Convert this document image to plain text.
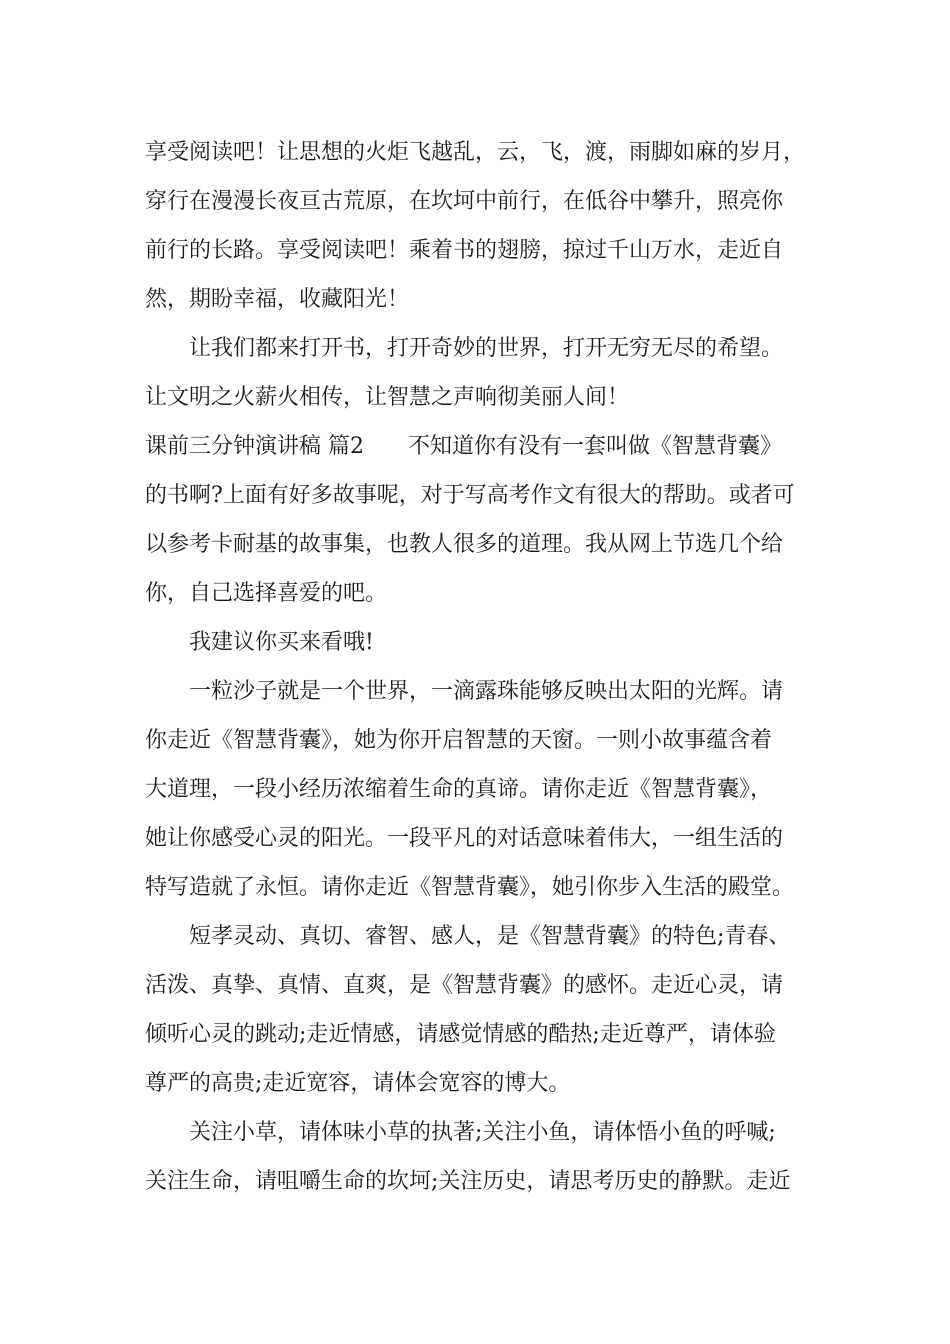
享受阅读吧！让思想的火炬飞越乱，云，飞，渡，雨脚如麻的岁月，
穿行在漫漫长夜亘古荒原，在坎坷中前行，在低谷中攀升，照亮你
前行的长路。享受阅读吧！乘着书的翅膀，掠过千山万水，走近自
然，期盼幸福，收藏阳光！
让我们都来打开书，打开奇妙的世界，打开无穷无尽的希望。
让文明之火薪火相传，让智慧之声响彻美丽人间！
课前三分钟演讲稿 篇2 不知道你有没有一套叫做《智慧背囊》
的书啊?上面有好多故事呢，对于写高考作文有很大的帮助。或者可
以参考卡耐基的故事集，也教人很多的道理。我从网上节选几个给
你，自己选择喜爱的吧。
我建议你买来看哦!
一粒沙子就是一个世界，一滴露珠能够反映出太阳的光辉。请
你走近《智慧背囊》，她为你开启智慧的天窗。一则小故事蕴含着
大道理，一段小经历浓缩着生命的真谛。请你走近《智慧背囊》，
她让你感受心灵的阳光。一段平凡的对话意味着伟大，一组生活的
特写造就了永恒。请你走近《智慧背囊》，她引你步入生活的殿堂。
短孝灵动、真切、睿智、感人，是《智慧背囊》的特色;青春、
活泼、真挚、真情、直爽，是《智慧背囊》的感怀。走近心灵，请
倾听心灵的跳动;走近情感，请感觉情感的酷热;走近尊严，请体验
尊严的高贵;走近宽容，请体会宽容的博大。
关注小草，请体味小草的执著;关注小鱼，请体悟小鱼的呼喊;
关注生命，请咀嚼生命的坎坷;关注历史，请思考历史的静默。走近
